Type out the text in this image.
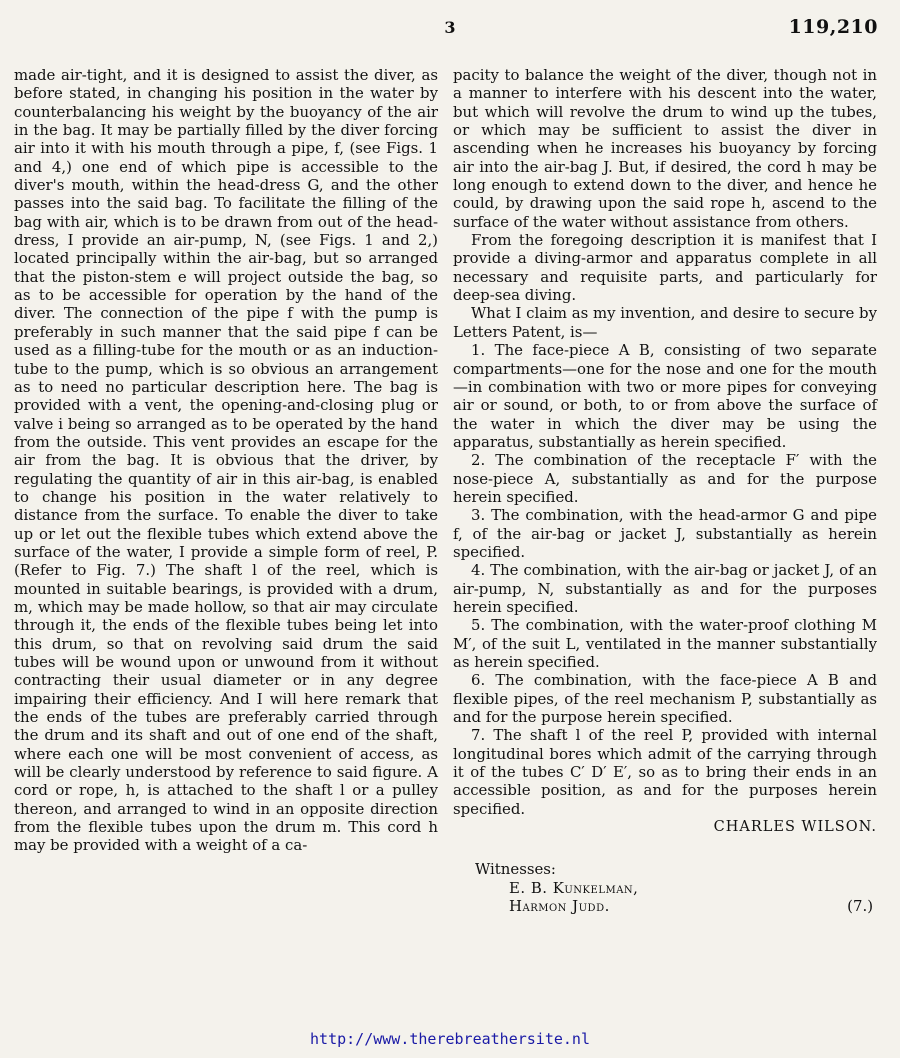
3	119,210

made air-tight, and it is designed to assist the diver, as before stated, in changing his position in the water by counterbalancing his weight by the buoyancy of the air in the bag. It may be partially filled by the diver forcing air into it with his mouth through a pipe, f, (see Figs. 1 and 4,) one end of which pipe is accessible to the diver's mouth, within the head-dress G, and the other passes into the said bag. To facilitate the filling of the bag with air, which is to be drawn from out of the head-dress, I provide an air-pump, N, (see Figs. 1 and 2,) located principally within the air-bag, but so arranged that the piston-stem e will project outside the bag, so as to be accessible for operation by the hand of the diver. The connection of the pipe f with the pump is preferably in such manner that the said pipe f can be used as a filling-tube for the mouth or as an induction-tube to the pump, which is so obvious an arrangement as to need no particular description here. The bag is provided with a vent, the opening-and-closing plug or valve i being so arranged as to be operated by the hand from the outside. This vent provides an escape for the air from the bag. It is obvious that the driver, by regulating the quantity of air in this air-bag, is enabled to change his position in the water relatively to distance from the surface. To enable the diver to take up or let out the flexible tubes which extend above the surface of the water, I provide a simple form of reel, P. (Refer to Fig. 7.) The shaft l of the reel, which is mounted in suitable bearings, is provided with a drum, m, which may be made hollow, so that air may circulate through it, the ends of the flexible tubes being let into this drum, so that on revolving said drum the said tubes will be wound upon or unwound from it without contracting their usual diameter or in any degree impairing their efficiency. And I will here remark that the ends of the tubes are preferably carried through the drum and its shaft and out of one end of the shaft, where each one will be most convenient of access, as will be clearly understood by reference to said figure. A cord or rope, h, is attached to the shaft l or a pulley thereon, and arranged to wind in an opposite direction from the flexible tubes upon the drum m. This cord h may be provided with a weight of a ca-

pacity to balance the weight of the diver, though not in a manner to interfere with his descent into the water, but which will revolve the drum to wind up the tubes, or which may be sufficient to assist the diver in ascending when he increases his buoyancy by forcing air into the air-bag J. But, if desired, the cord h may be long enough to extend down to the diver, and hence he could, by drawing upon the said rope h, ascend to the surface of the water without assistance from others.

From the foregoing description it is manifest that I provide a diving-armor and apparatus complete in all necessary and requisite parts, and particularly for deep-sea diving.

What I claim as my invention, and desire to secure by Letters Patent, is—

1. The face-piece A B, consisting of two separate compartments—one for the nose and one for the mouth—in combination with two or more pipes for conveying air or sound, or both, to or from above the surface of the water in which the diver may be using the apparatus, substantially as herein specified.

2. The combination of the receptacle F′ with the nose-piece A, substantially as and for the purpose herein specified.

3. The combination, with the head-armor G and pipe f, of the air-bag or jacket J, substantially as herein specified.

4. The combination, with the air-bag or jacket J, of an air-pump, N, substantially as and for the purposes herein specified.

5. The combination, with the water-proof clothing M M′, of the suit L, ventilated in the manner substantially as herein specified.

6. The combination, with the face-piece A B and flexible pipes, of the reel mechanism P, substantially as and for the purpose herein specified.

7. The shaft l of the reel P, provided with internal longitudinal bores which admit of the carrying through it of the tubes C′ D′ E′, so as to bring their ends in an accessible position, as and for the purposes herein specified.

CHARLES WILSON.

Witnesses:
E. B. Kunkelman,
Harmon Judd.	(7.)
http://www.therebreathersite.nl
